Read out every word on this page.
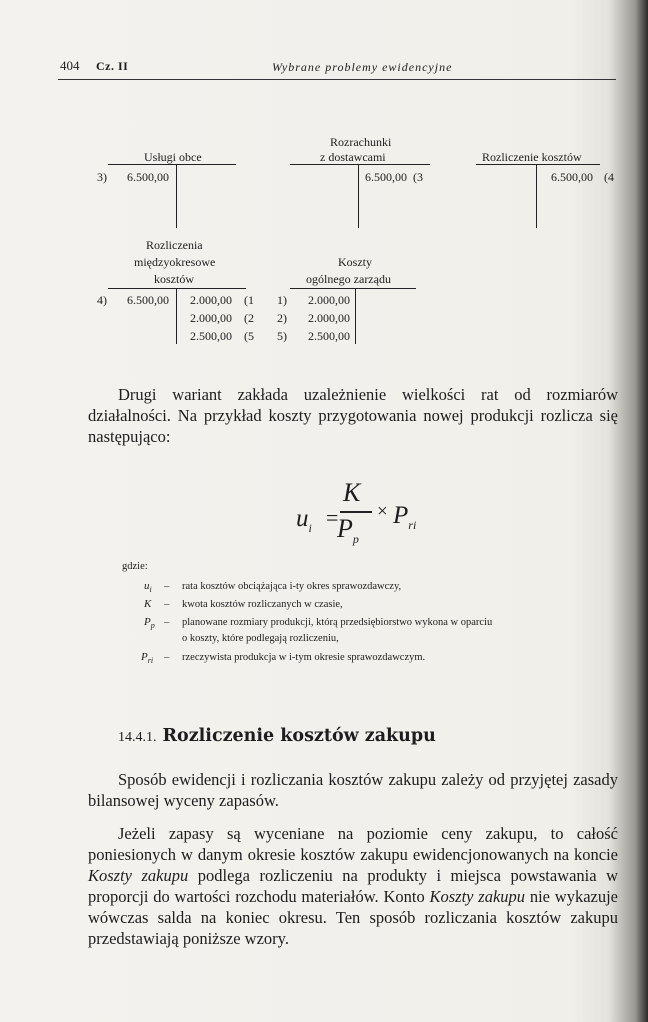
404 Cz. II	Wybrane problemy ewidencyjne
Usługi obce
3) 6.500,00
Rozrachunki
z dostawcami
6.500,00 (3
Rozliczenie kosztów
6.500,00 (4
Rozliczenia
międzyokresowe
kosztów
4) 6.500,00 2.000,00 (1
2.000,00 (2
2.500,00 (5
Koszty
ogólnego zarządu
1) 2.000,00
2) 2.000,00
5) 2.500,00
Drugi wariant zakłada uzależnienie wielkości rat od rozmiarów działalności. Na przykład koszty przygotowania nowej produkcji rozlicza się następująco:
$u_i$ =
K
$P_p$
× $P_{ri}$
gdzie:
$u_i$ – rata kosztów obciążająca i-ty okres sprawozdawczy,
K – kwota kosztów rozliczanych w czasie,
$P_p$ – planowane rozmiary produkcji, którą przedsiębiorstwo wykona w oparciu
o koszty, które podlegają rozliczeniu,
$P_{ri}$ – rzeczywista produkcja w i-tym okresie sprawozdawczym.
14.4.1. Rozliczenie kosztów zakupu
Sposób ewidencji i rozliczania kosztów zakupu zależy od przyjętej zasady bilansowej wyceny zapasów.
Jeżeli zapasy są wyceniane na poziomie ceny zakupu, to całość poniesionych w danym okresie kosztów zakupu ewidencjonowanych na koncie Koszty zakupu podlega rozliczeniu na produkty i miejsca powstawania w proporcji do wartości rozchodu materiałów. Konto Koszty zakupu nie wykazuje wówczas salda na koniec okresu. Ten sposób rozliczania kosztów zakupu przedstawiają poniższe wzory.
